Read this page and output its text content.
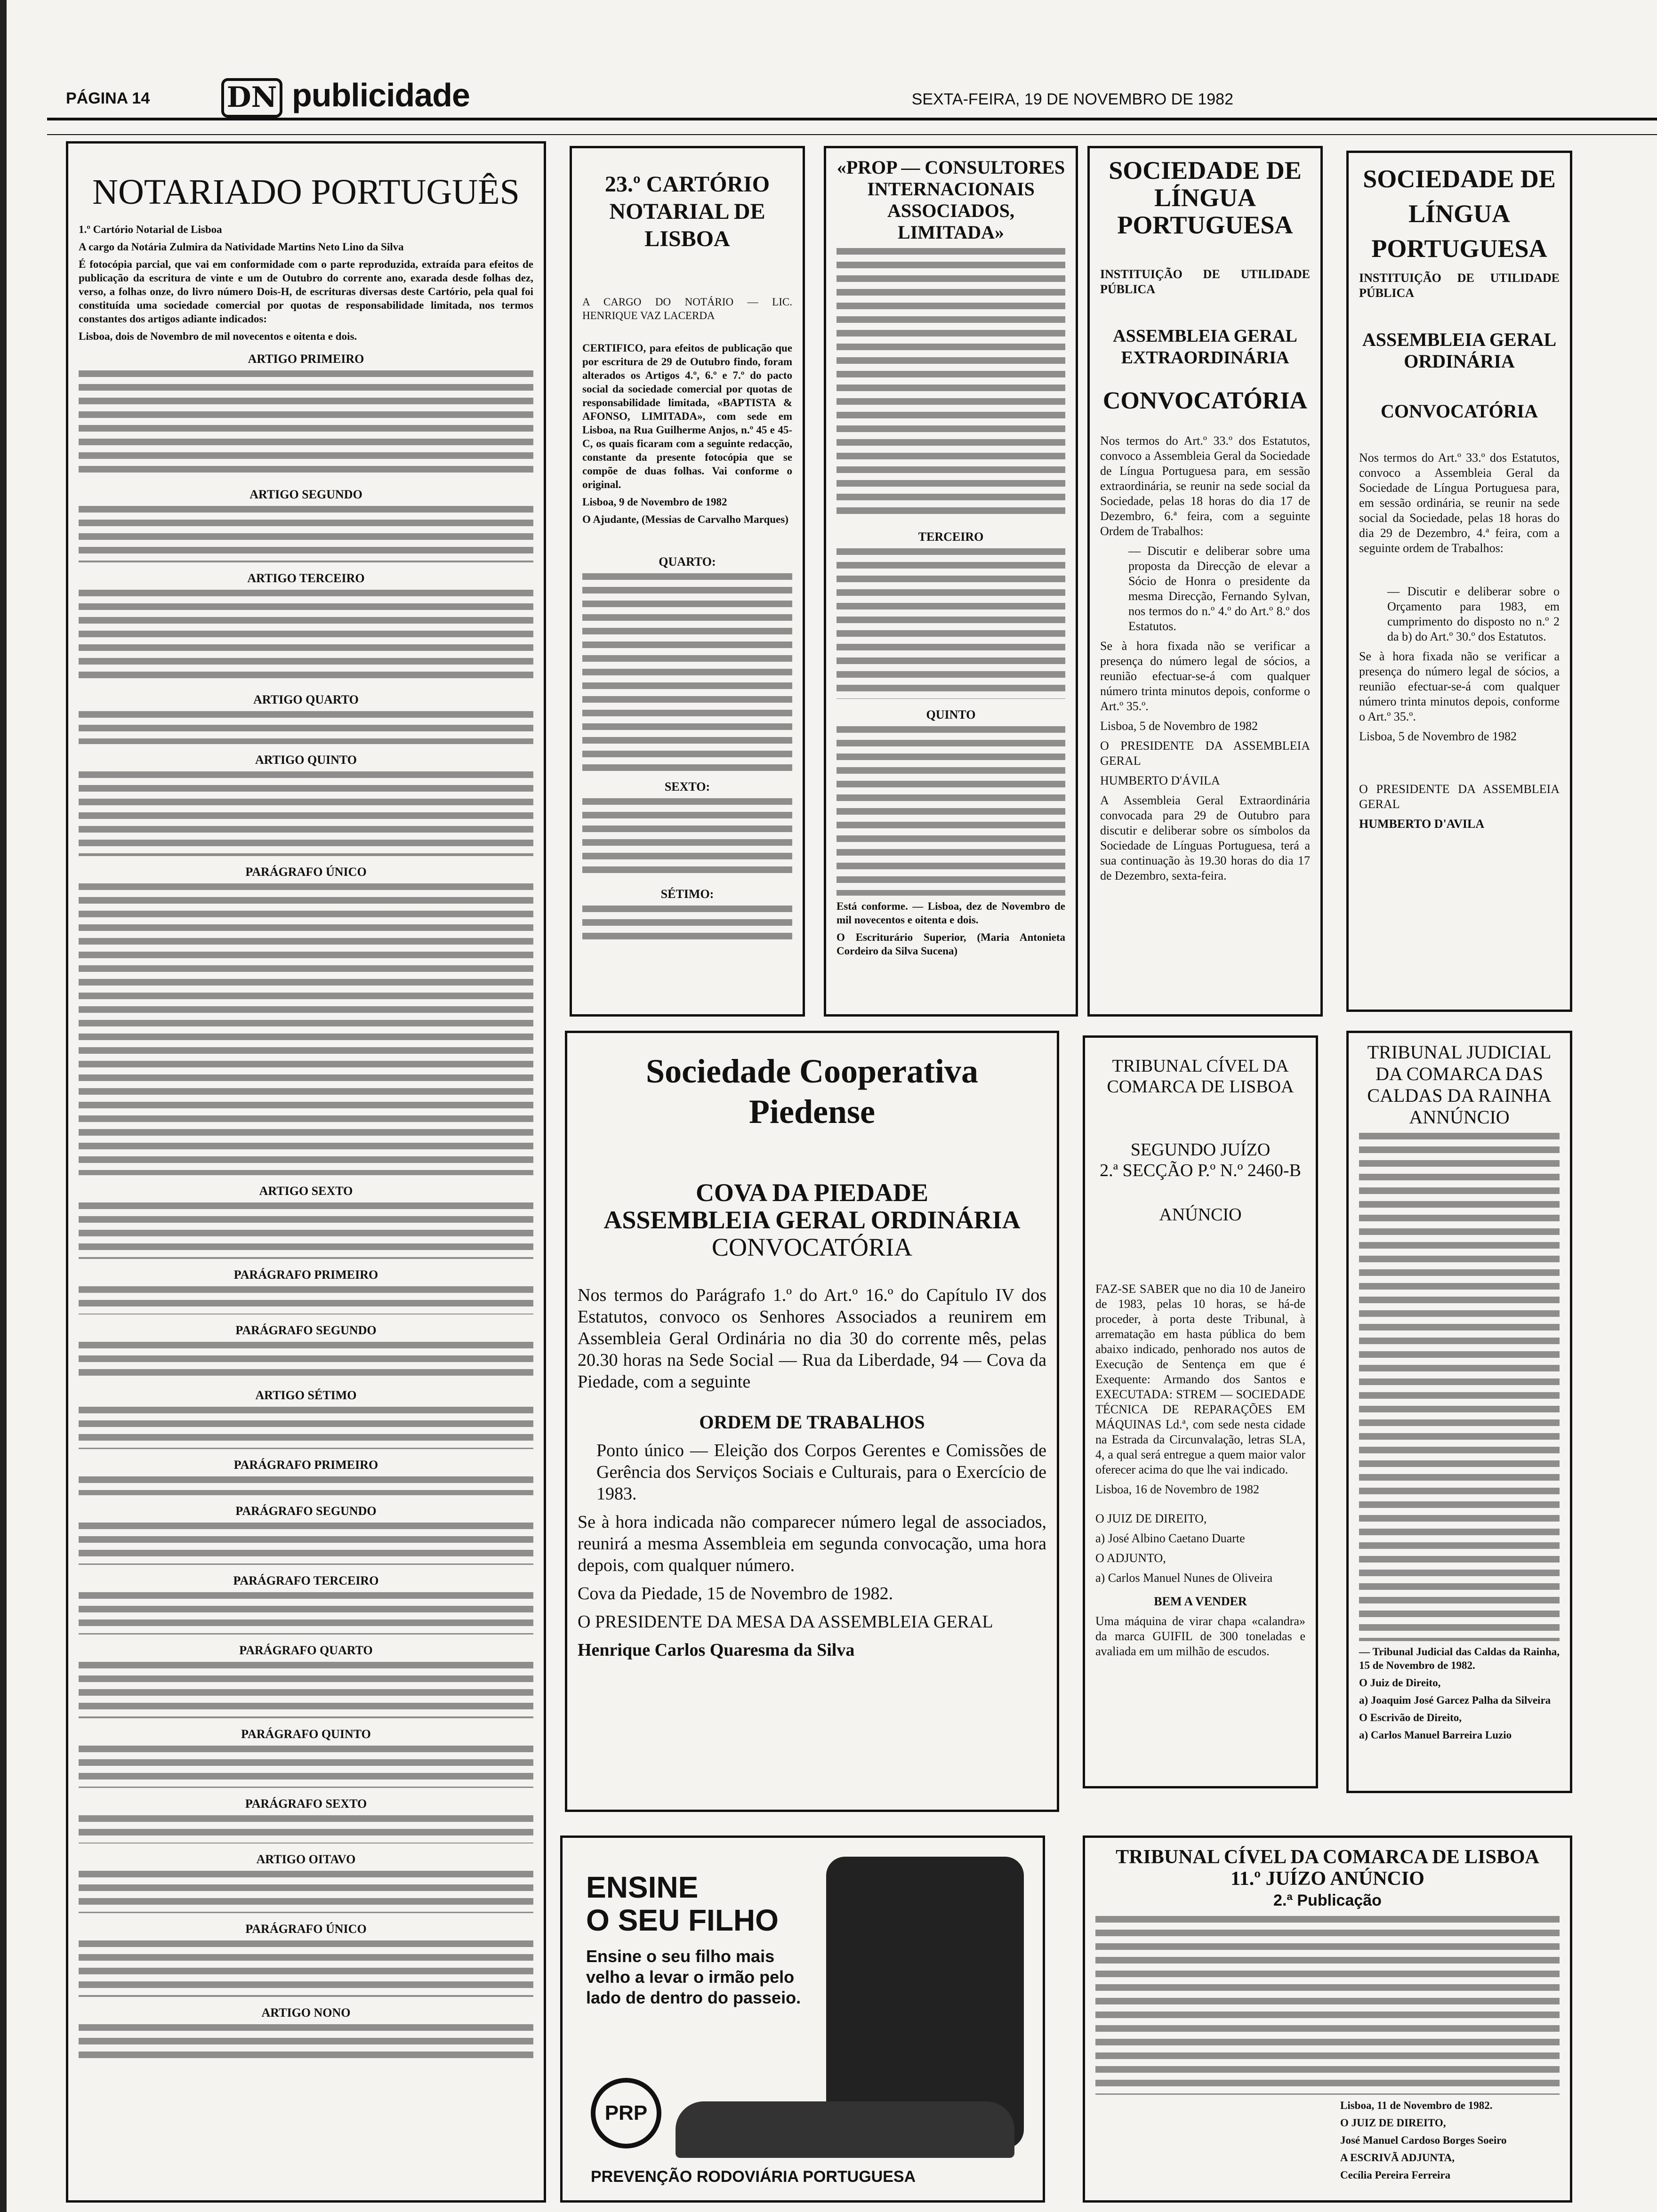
PÁGINA 14	DN publicidade	SEXTA-FEIRA, 19 DE NOVEMBRO DE 1982
NOTARIADO PORTUGUÊS
1.º Cartório Notarial de Lisboa
A cargo da Notária Zulmira da Natividade Martins Neto Lino da Silva
É fotocópia parcial, que vai em conformidade com o parte reproduzida, extraída para efeitos de publicação da escritura de vinte e um de Outubro do corrente ano, exarada desde folhas dez, verso, a folhas onze, do livro número Dois-H, de escrituras diversas deste Cartório, pela qual foi constituída uma sociedade comercial por quotas de responsabilidade limitada, nos termos constantes dos artigos adiante indicados:
Lisboa, dois de Novembro de mil novecentos e oitenta e dois.
ARTIGO PRIMEIRO
ARTIGO SEGUNDO
ARTIGO TERCEIRO
ARTIGO QUARTO
ARTIGO QUINTO
PARÁGRAFO ÚNICO
ARTIGO SEXTO
PARÁGRAFO PRIMEIRO
PARÁGRAFO SEGUNDO
ARTIGO SÉTIMO
PARÁGRAFO PRIMEIRO
PARÁGRAFO SEGUNDO
PARÁGRAFO TERCEIRO
PARÁGRAFO QUARTO
PARÁGRAFO QUINTO
PARÁGRAFO SEXTO
ARTIGO OITAVO
PARÁGRAFO ÚNICO
ARTIGO NONO
23.º CARTÓRIO NOTARIAL DE LISBOA
A CARGO DO NOTÁRIO — LIC. HENRIQUE VAZ LACERDA
CERTIFICO, para efeitos de publicação que por escritura de 29 de Outubro findo, foram alterados os Artigos 4.º, 6.º e 7.º do pacto social da sociedade comercial por quotas de responsabilidade limitada, «BAPTISTA & AFONSO, LIMITADA», com sede em Lisboa, na Rua Guilherme Anjos, n.º 45 e 45-C, os quais ficaram com a seguinte redacção, constante da presente fotocópia que se compõe de duas folhas. Vai conforme o original.
Lisboa, 9 de Novembro de 1982
O Ajudante, (Messias de Carvalho Marques)
QUARTO:
SEXTO:
SÉTIMO:
«PROP — CONSULTORES INTERNACIONAIS ASSOCIADOS, LIMITADA»
TERCEIRO
QUINTO
Está conforme. — Lisboa, dez de Novembro de mil novecentos e oitenta e dois.
O Escriturário Superior, (Maria Antonieta Cordeiro da Silva Sucena)
SOCIEDADE DE LÍNGUA PORTUGUESA
INSTITUIÇÃO DE UTILIDADE PÚBLICA
ASSEMBLEIA GERAL EXTRAORDINÁRIA
CONVOCATÓRIA
Nos termos do Art.º 33.º dos Estatutos, convoco a Assembleia Geral da Sociedade de Língua Portuguesa para, em sessão extraordinária, se reunir na sede social da Sociedade, pelas 18 horas do dia 17 de Dezembro, 6.ª feira, com a seguinte Ordem de Trabalhos:
— Discutir e deliberar sobre uma proposta da Direcção de elevar a Sócio de Honra o presidente da mesma Direcção, Fernando Sylvan, nos termos do n.º 4.º do Art.º 8.º dos Estatutos.
Se à hora fixada não se verificar a presença do número legal de sócios, a reunião efectuar-se-á com qualquer número trinta minutos depois, conforme o Art.º 35.º.
Lisboa, 5 de Novembro de 1982
O PRESIDENTE DA ASSEMBLEIA GERAL
HUMBERTO D'ÁVILA
A Assembleia Geral Extraordinária convocada para 29 de Outubro para discutir e deliberar sobre os símbolos da Sociedade de Línguas Portuguesa, terá a sua continuação às 19.30 horas do dia 17 de Dezembro, sexta-feira.
SOCIEDADE DE LÍNGUA PORTUGUESA
INSTITUIÇÃO DE UTILIDADE PÚBLICA
ASSEMBLEIA GERAL ORDINÁRIA
CONVOCATÓRIA
Nos termos do Art.º 33.º dos Estatutos, convoco a Assembleia Geral da Sociedade de Língua Portuguesa para, em sessão ordinária, se reunir na sede social da Sociedade, pelas 18 horas do dia 29 de Dezembro, 4.ª feira, com a seguinte ordem de Trabalhos:
— Discutir e deliberar sobre o Orçamento para 1983, em cumprimento do disposto no n.º 2 da b) do Art.º 30.º dos Estatutos.
Se à hora fixada não se verificar a presença do número legal de sócios, a reunião efectuar-se-á com qualquer número trinta minutos depois, conforme o Art.º 35.º.
Lisboa, 5 de Novembro de 1982
O PRESIDENTE DA ASSEMBLEIA GERAL
HUMBERTO D'AVILA
Sociedade Cooperativa Piedense
COVA DA PIEDADE
ASSEMBLEIA GERAL ORDINÁRIA
CONVOCATÓRIA
Nos termos do Parágrafo 1.º do Art.º 16.º do Capítulo IV dos Estatutos, convoco os Senhores Associados a reunirem em Assembleia Geral Ordinária no dia 30 do corrente mês, pelas 20.30 horas na Sede Social — Rua da Liberdade, 94 — Cova da Piedade, com a seguinte
ORDEM DE TRABALHOS
Ponto único — Eleição dos Corpos Gerentes e Comissões de Gerência dos Serviços Sociais e Culturais, para o Exercício de 1983.
Se à hora indicada não comparecer número legal de associados, reunirá a mesma Assembleia em segunda convocação, uma hora depois, com qualquer número.
Cova da Piedade, 15 de Novembro de 1982.
O PRESIDENTE DA MESA DA ASSEMBLEIA GERAL
Henrique Carlos Quaresma da Silva
TRIBUNAL CÍVEL DA COMARCA DE LISBOA
SEGUNDO JUÍZO
2.ª SECÇÃO P.º N.º 2460-B
ANÚNCIO
FAZ-SE SABER que no dia 10 de Janeiro de 1983, pelas 10 horas, se há-de proceder, à porta deste Tribunal, à arrematação em hasta pública do bem abaixo indicado, penhorado nos autos de Execução de Sentença em que é Exequente: Armando dos Santos e EXECUTADA: STREM — SOCIEDADE TÉCNICA DE REPARAÇÕES EM MÁQUINAS Ld.ª, com sede nesta cidade na Estrada da Circunvalação, letras SLA, 4, a qual será entregue a quem maior valor oferecer acima do que lhe vai indicado.
Lisboa, 16 de Novembro de 1982
O JUIZ DE DIREITO,
a) José Albino Caetano Duarte
O ADJUNTO,
a) Carlos Manuel Nunes de Oliveira
BEM A VENDER
Uma máquina de virar chapa «calandra» da marca GUIFIL de 300 toneladas e avaliada em um milhão de escudos.
TRIBUNAL JUDICIAL DA COMARCA DAS CALDAS DA RAINHA
ANNÚNCIO
— Tribunal Judicial das Caldas da Rainha, 15 de Novembro de 1982.
O Juiz de Direito,
a) Joaquim José Garcez Palha da Silveira
O Escrivão de Direito,
a) Carlos Manuel Barreira Luzio
ENSINE
O SEU FILHO
Ensine o seu filho mais velho a levar o irmão pelo lado de dentro do passeio.
PRP
PREVENÇÃO RODOVIÁRIA PORTUGUESA
TRIBUNAL CÍVEL DA COMARCA DE LISBOA
11.º JUÍZO ANÚNCIO
2.ª Publicação
Lisboa, 11 de Novembro de 1982.
O JUIZ DE DIREITO,
José Manuel Cardoso Borges Soeiro
A ESCRIVÃ ADJUNTA,
Cecília Pereira Ferreira
